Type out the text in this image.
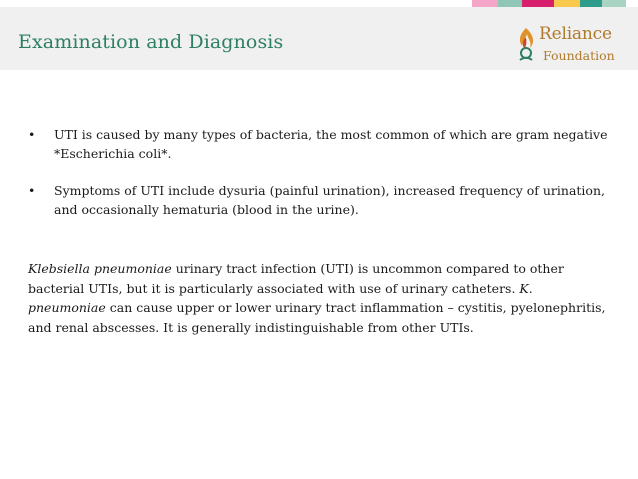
Examination and Diagnosis	Reliance
Foundation
• UTI is caused by many types of bacteria, the most common of which are gram negative *Escherichia coli*.
• Symptoms of UTI include dysuria (painful urination), increased frequency of urination, and occasionally hematuria (blood in the urine).
Klebsiella pneumoniae urinary tract infection (UTI) is uncommon compared to other bacterial UTIs, but it is particularly associated with use of urinary catheters. K. pneumoniae can cause upper or lower urinary tract inflammation – cystitis, pyelonephritis, and renal abscesses. It is generally indistinguishable from other UTIs.
